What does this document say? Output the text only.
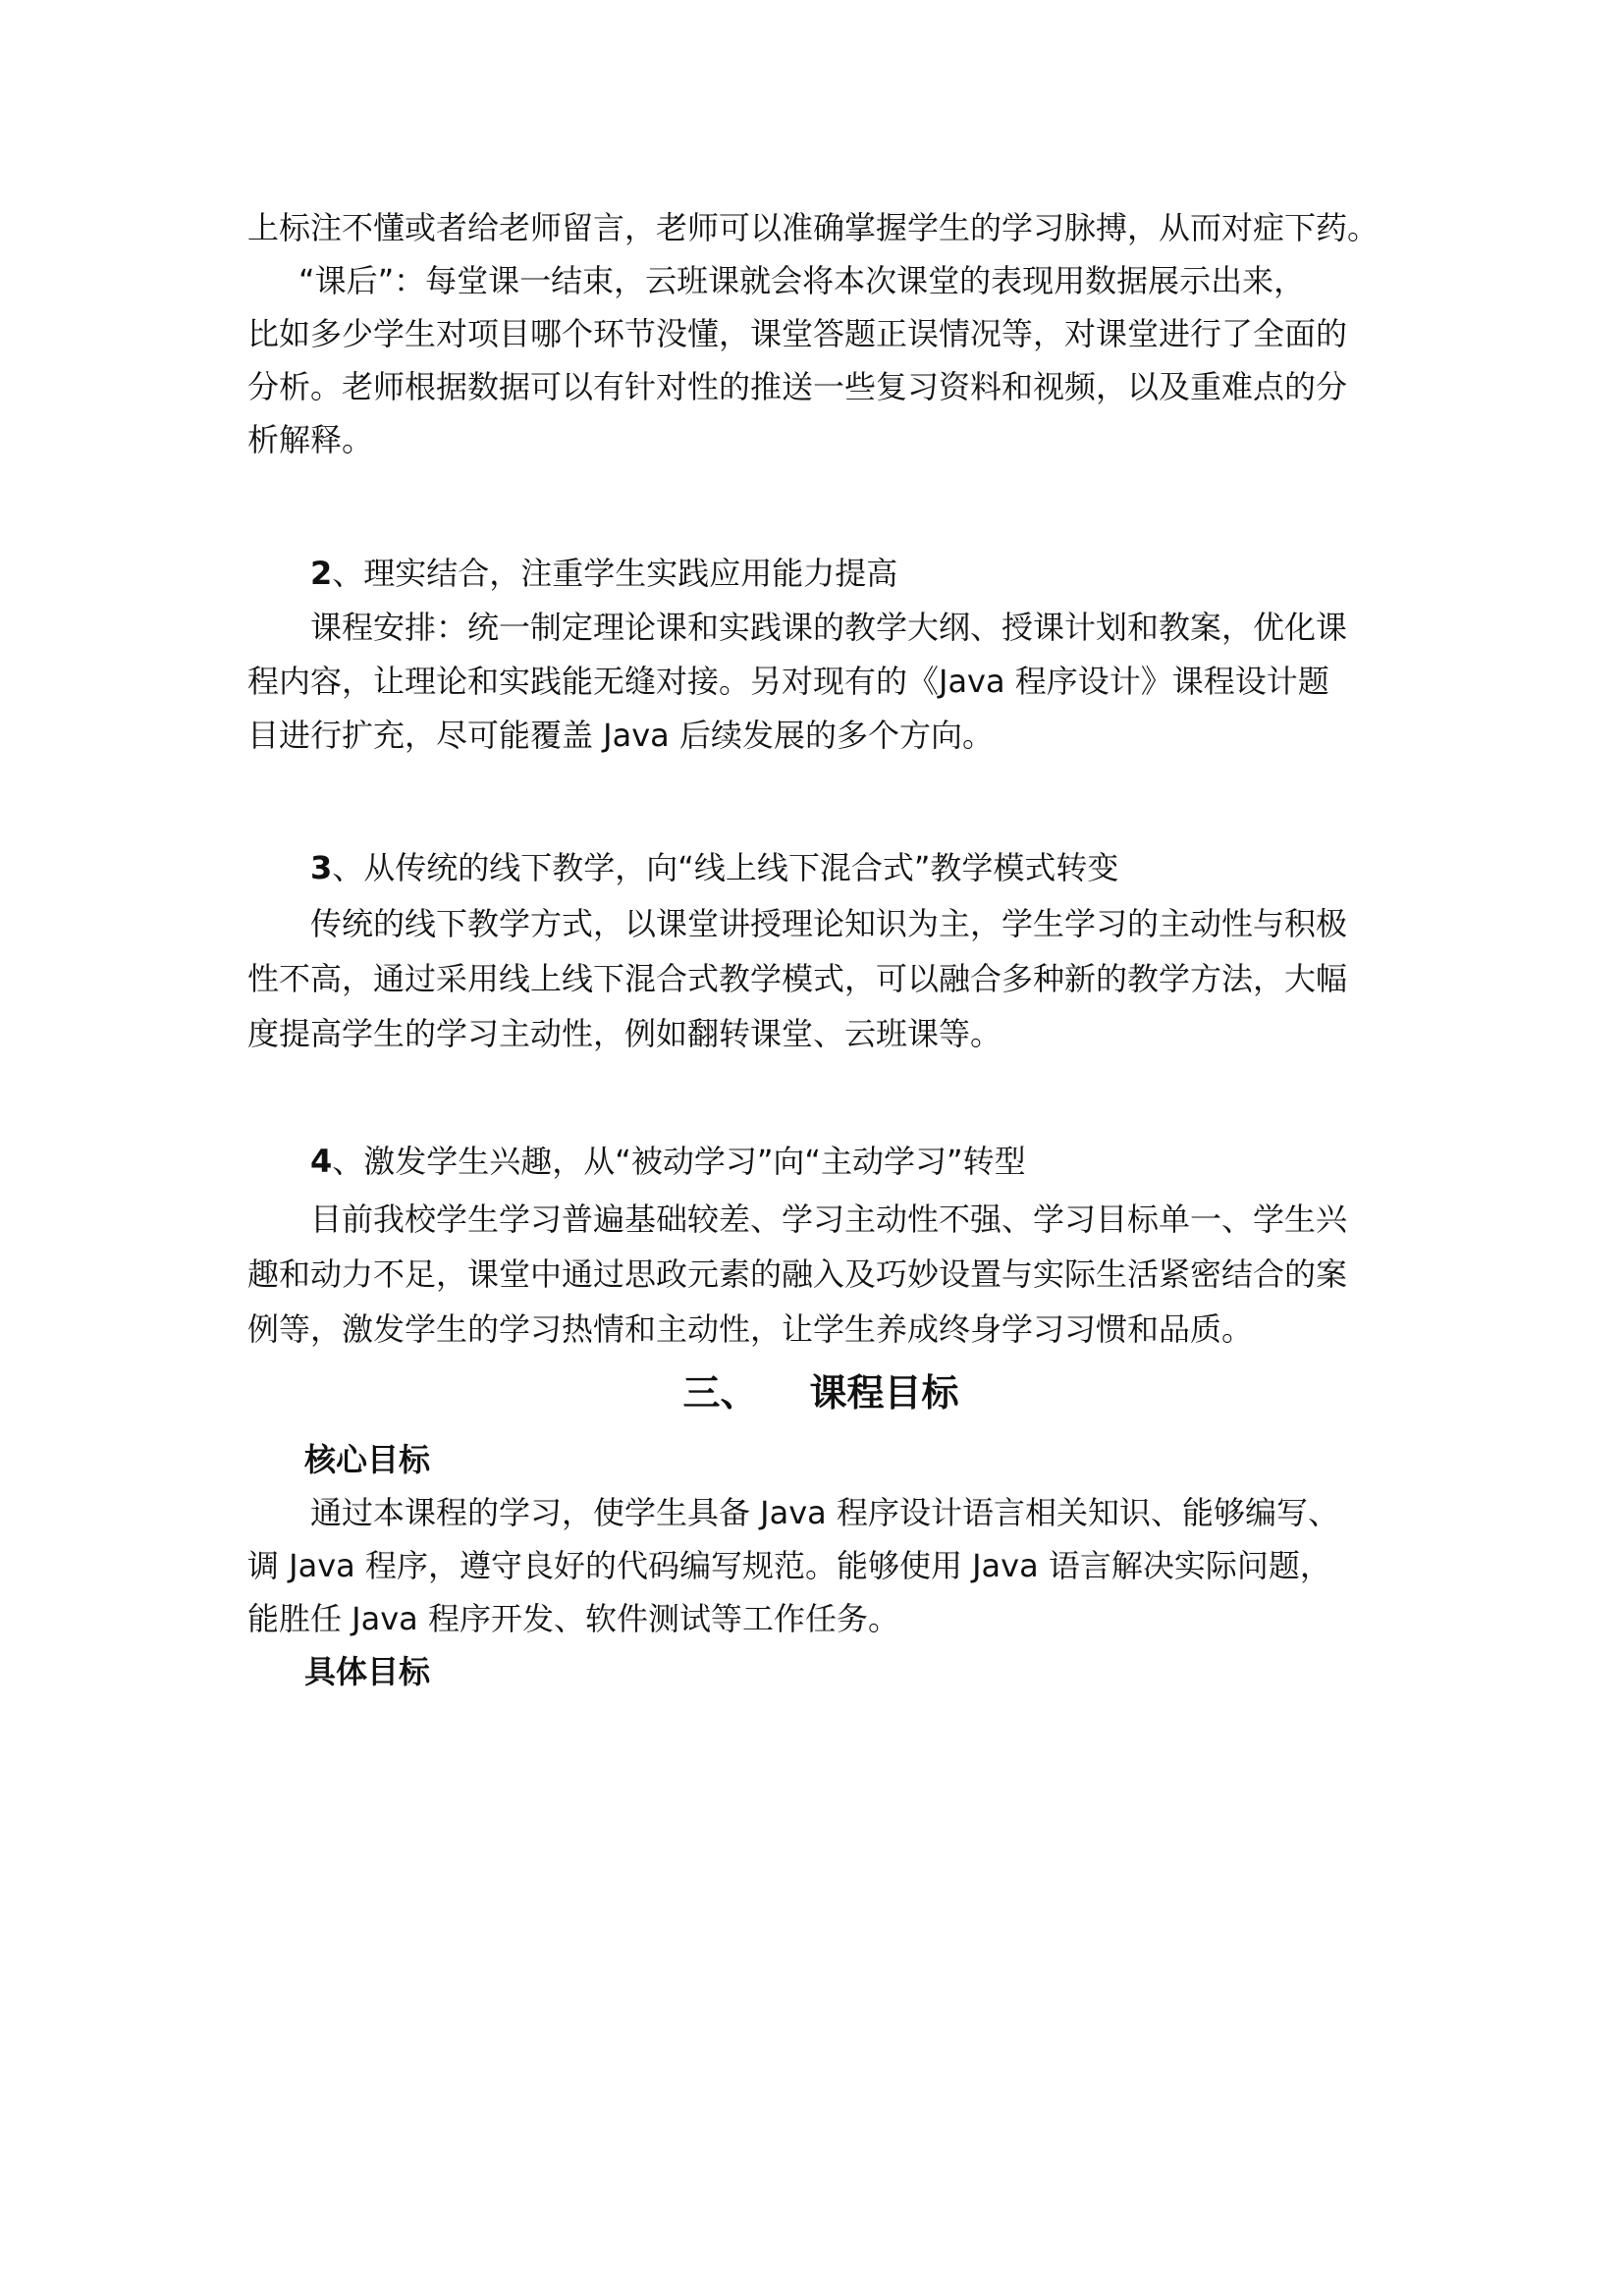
上标注不懂或者给老师留言，老师可以准确掌握学生的学习脉搏，从而对症下药。
“课后”：每堂课一结束，云班课就会将本次课堂的表现用数据展示出来，
比如多少学生对项目哪个环节没懂，课堂答题正误情况等，对课堂进行了全面的
分析。老师根据数据可以有针对性的推送一些复习资料和视频，以及重难点的分
析解释。
2、理实结合，注重学生实践应用能力提高
课程安排：统一制定理论课和实践课的教学大纲、授课计划和教案，优化课
程内容，让理论和实践能无缝对接。另对现有的《Java 程序设计》课程设计题
目进行扩充，尽可能覆盖 Java 后续发展的多个方向。
3、从传统的线下教学，向“线上线下混合式”教学模式转变
传统的线下教学方式，以课堂讲授理论知识为主，学生学习的主动性与积极
性不高，通过采用线上线下混合式教学模式，可以融合多种新的教学方法，大幅
度提高学生的学习主动性，例如翻转课堂、云班课等。
4、激发学生兴趣，从“被动学习”向“主动学习”转型
目前我校学生学习普遍基础较差、学习主动性不强、学习目标单一、学生兴
趣和动力不足，课堂中通过思政元素的融入及巧妙设置与实际生活紧密结合的案
例等，激发学生的学习热情和主动性，让学生养成终身学习习惯和品质。
三、    课程目标
核心目标
通过本课程的学习，使学生具备 Java 程序设计语言相关知识、能够编写、
调 Java 程序，遵守良好的代码编写规范。能够使用 Java 语言解决实际问题，
能胜任 Java 程序开发、软件测试等工作任务。
具体目标
